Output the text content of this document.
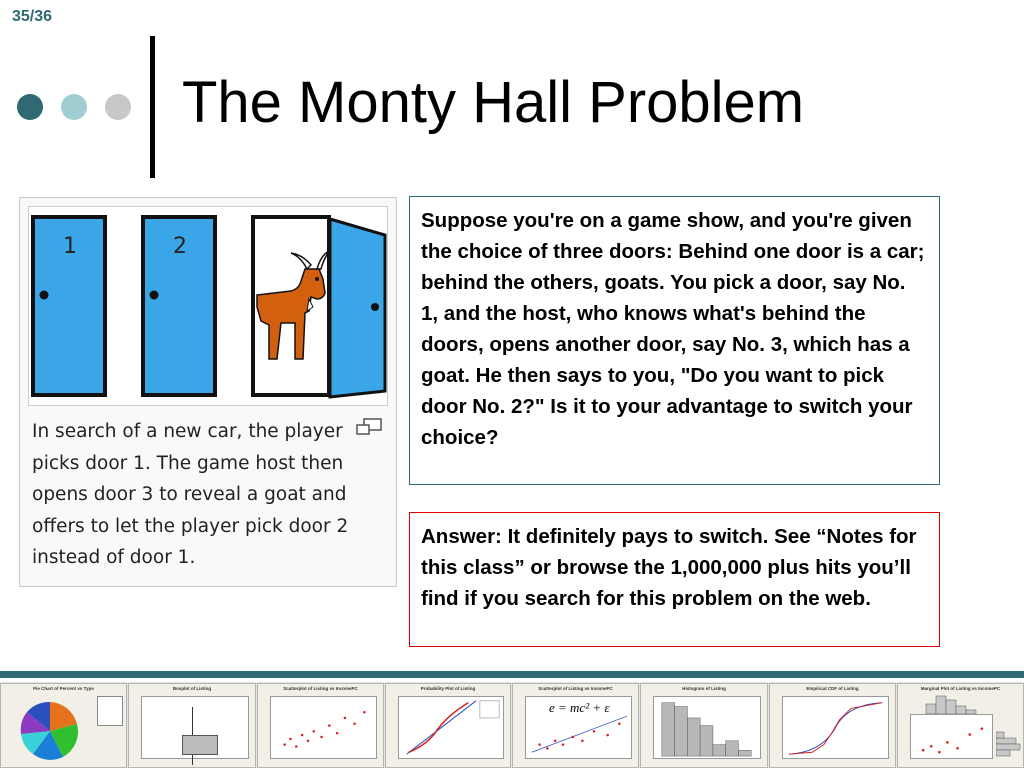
35/36
The Monty Hall Problem
1	2
In search of a new car, the player picks door 1. The game host then opens door 3 to reveal a goat and offers to let the player pick door 2 instead of door 1.
Suppose you're on a game show, and you're given the choice of three doors: Behind one door is a car; behind the others, goats. You pick a door, say No. 1, and the host, who knows what's behind the doors, opens another door, say No. 3, which has a goat. He then says to you, "Do you want to pick door No. 2?" Is it to your advantage to switch your choice?
Answer: It definitely pays to switch. See “Notes for this class” or browse the 1,000,000 plus hits you’ll find if you search for this problem on the web.
Pie Chart of Percent vs Type	Boxplot of Listing	Scatterplot of Listing vs IncomePC	Probability Plot of Listing	Scatterplot of Listing vs IncomePC
e = mc² + ε
Histogram of Listing	Empirical CDF of Listing	Marginal Plot of Listing vs IncomePC
